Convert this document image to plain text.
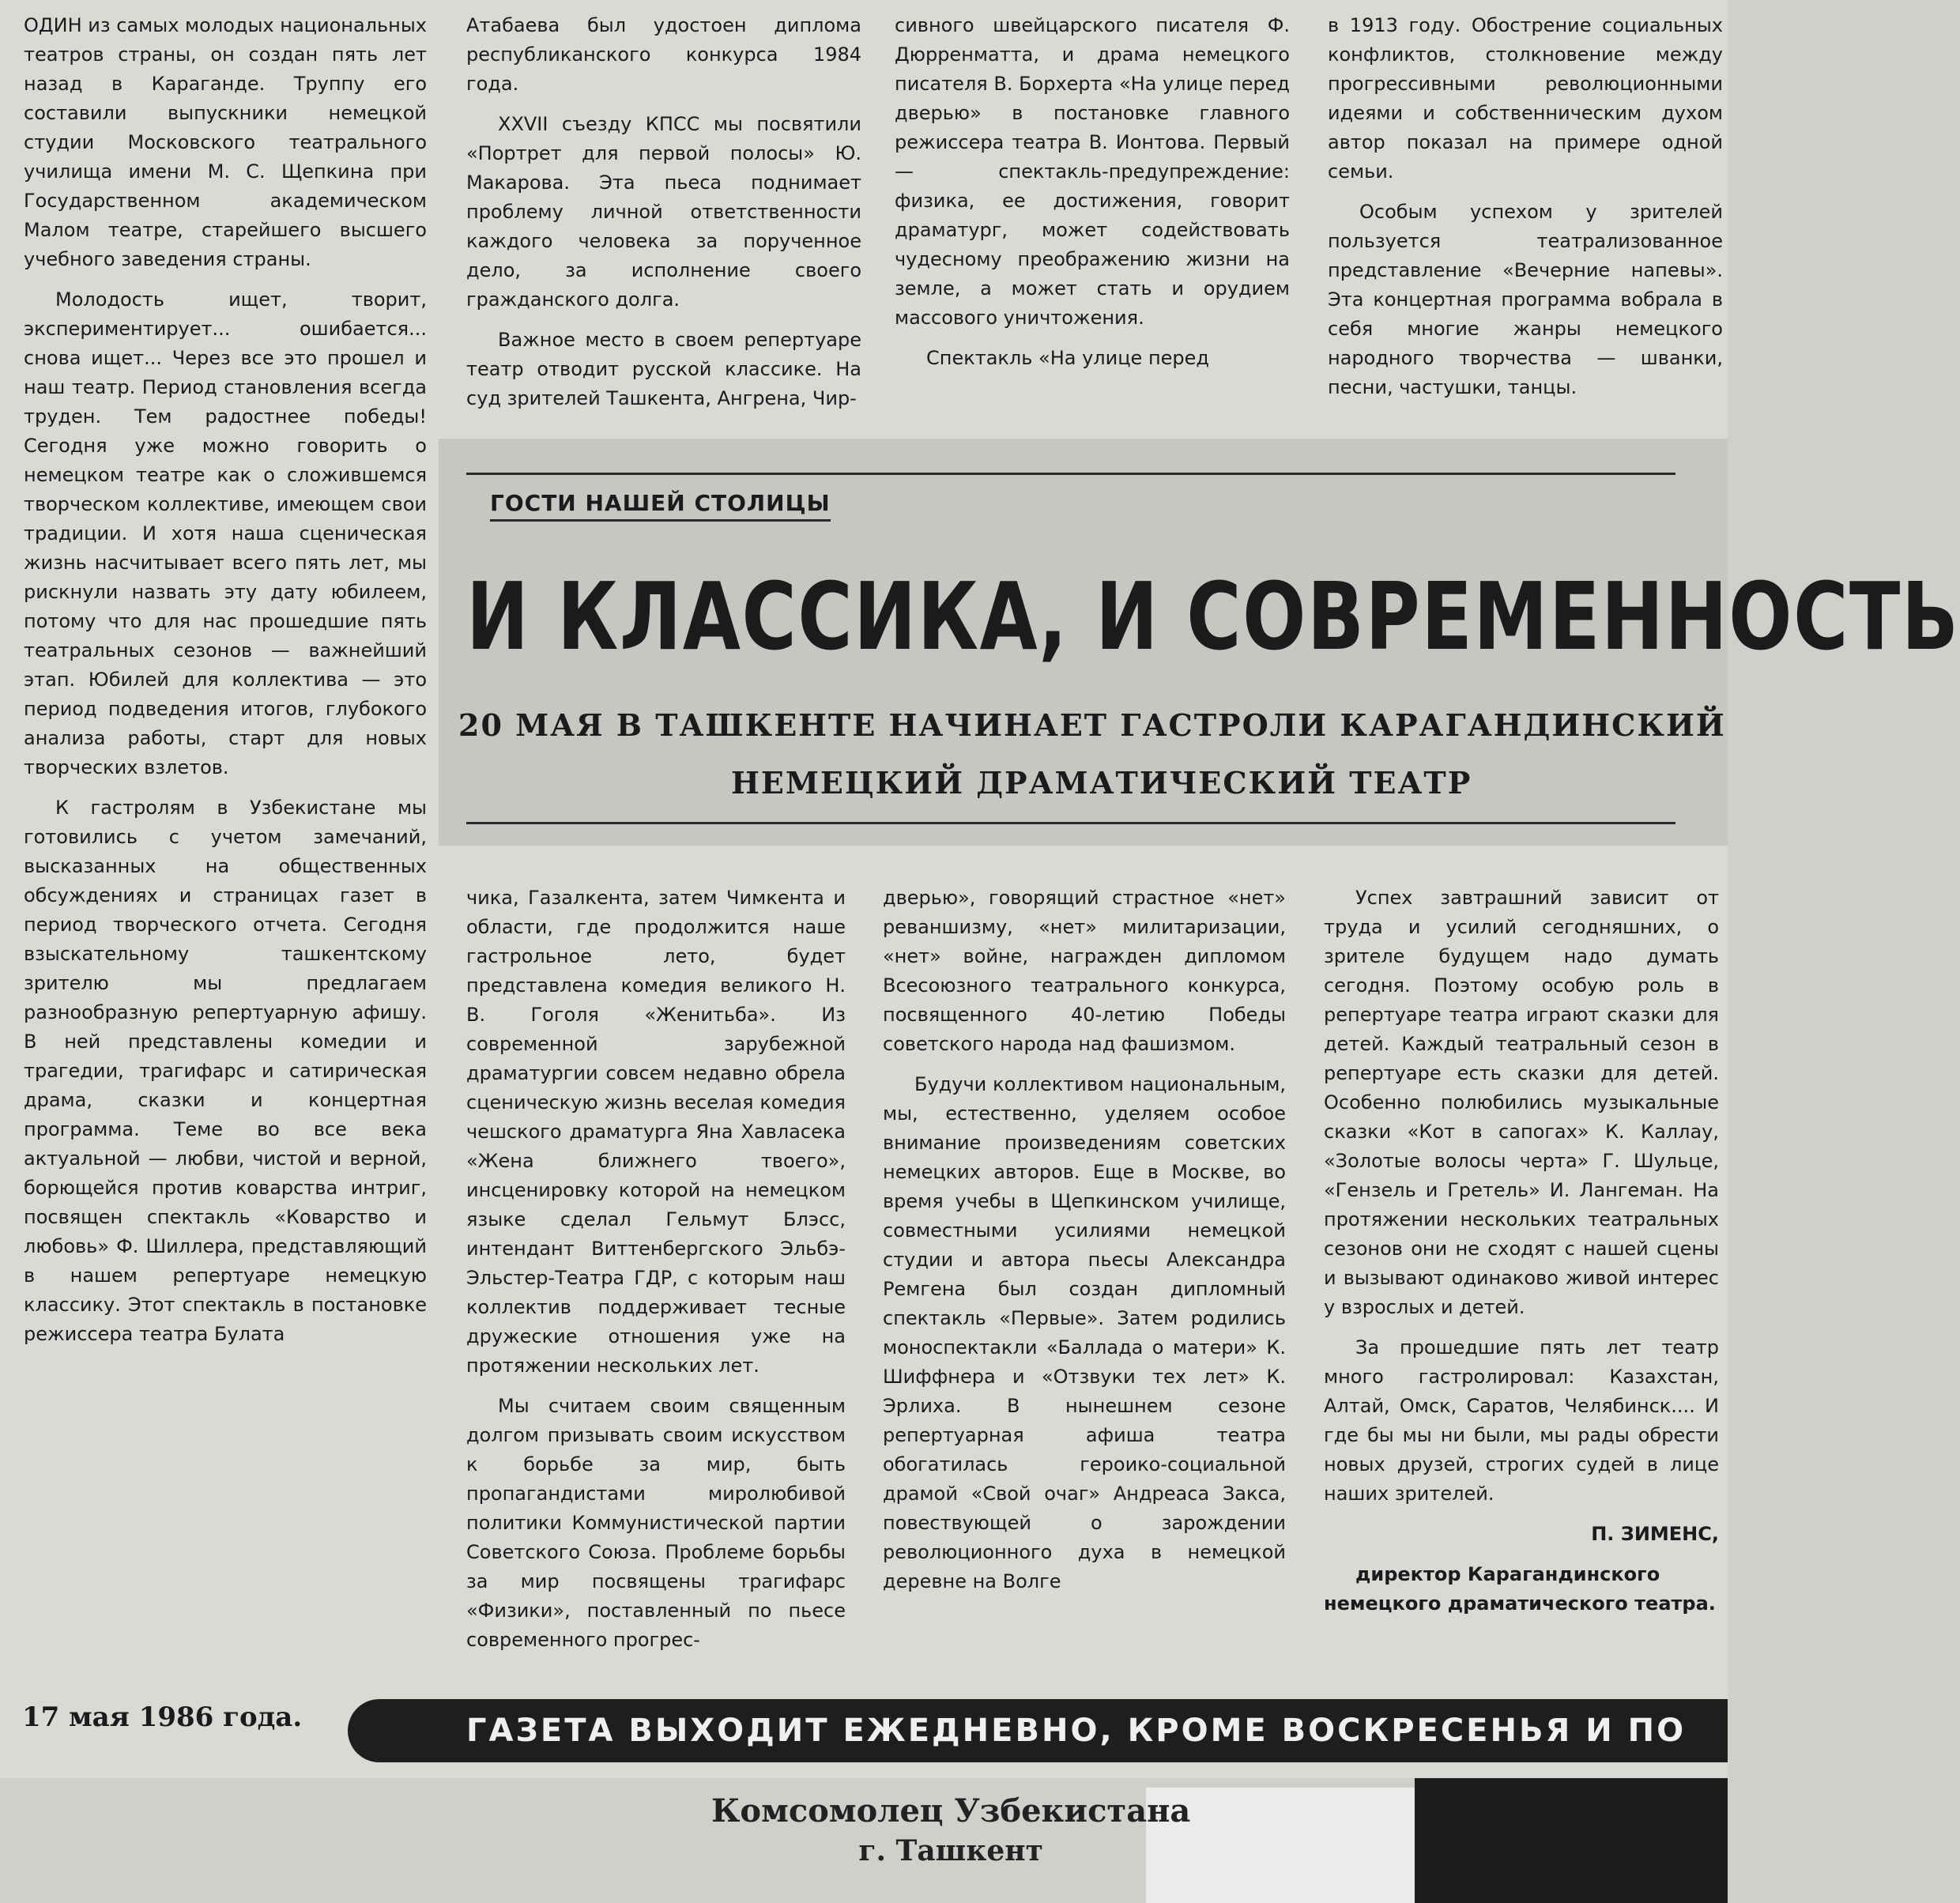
ОДИН из самых молодых национальных театров страны, он создан пять лет назад в Караганде. Труппу его составили выпускники немецкой студии Московского театрального училища имени М. С. Щепкина при Государственном академическом Малом театре, старейшего высшего учебного заведения страны.

Молодость ищет, творит, экспериментирует... ошибается... снова ищет... Через все это прошел и наш театр. Период становления всегда труден. Тем радостнее победы! Сегодня уже можно говорить о немецком театре как о сложившемся творческом коллективе, имеющем свои традиции. И хотя наша сценическая жизнь насчитывает всего пять лет, мы рискнули назвать эту дату юбилеем, потому что для нас прошедшие пять театральных сезонов — важнейший этап. Юбилей для коллектива — это период подведения итогов, глубокого анализа работы, старт для новых творческих взлетов.

К гастролям в Узбекистане мы готовились с учетом замечаний, высказанных на общественных обсуждениях и страницах газет в период творческого отчета. Сегодня взыскательному ташкентскому зрителю мы предлагаем разнообразную репертуарную афишу. В ней представлены комедии и трагедии, трагифарс и сатирическая драма, сказки и концертная программа. Теме во все века актуальной — любви, чистой и верной, борющейся против коварства интриг, посвящен спектакль «Коварство и любовь» Ф. Шиллера, представляющий в нашем репертуаре немецкую классику. Этот спектакль в постановке режиссера театра Булата

Атабаева был удостоен диплома республиканского конкурса 1984 года.

XXVII съезду КПСС мы посвятили «Портрет для первой полосы» Ю. Макарова. Эта пьеса поднимает проблему личной ответственности каждого человека за порученное дело, за исполнение своего гражданского долга.

Важное место в своем репертуаре театр отводит русской классике. На суд зрителей Ташкента, Ангрена, Чир-

сивного швейцарского писателя Ф. Дюрренматта, и драма немецкого писателя В. Борхерта «На улице перед дверью» в постановке главного режиссера театра В. Ионтова. Первый — спектакль-предупреждение: физика, ее достижения, говорит драматург, может содействовать чудесному преображению жизни на земле, а может стать и орудием массового уничтожения.

Спектакль «На улице перед

в 1913 году. Обострение социальных конфликтов, столкновение между прогрессивными революционными идеями и собственническим духом автор показал на примере одной семьи.

Особым успехом у зрителей пользуется театрализованное представление «Вечерние напевы». Эта концертная программа вобрала в себя многие жанры немецкого народного творчества — шванки, песни, частушки, танцы.

ГОСТИ НАШЕЙ СТОЛИЦЫ
И КЛАССИКА, И СОВРЕМЕННОСТЬ
20 МАЯ В ТАШКЕНТЕ НАЧИНАЕТ ГАСТРОЛИ КАРАГАНДИНСКИЙ
НЕМЕЦКИЙ ДРАМАТИЧЕСКИЙ ТЕАТР

чика, Газалкента, затем Чимкента и области, где продолжится наше гастрольное лето, будет представлена комедия великого Н. В. Гоголя «Женитьба». Из современной зарубежной драматургии совсем недавно обрела сценическую жизнь веселая комедия чешского драматурга Яна Хавласека «Жена ближнего твоего», инсценировку которой на немецком языке сделал Гельмут Блэсс, интендант Виттенбергского Эльбэ-Эльстер-Театра ГДР, с которым наш коллектив поддерживает тесные дружеские отношения уже на протяжении нескольких лет.

Мы считаем своим священным долгом призывать своим искусством к борьбе за мир, быть пропагандистами миролюбивой политики Коммунистической партии Советского Союза. Проблеме борьбы за мир посвящены трагифарс «Физики», поставленный по пьесе современного прогрес-

дверью», говорящий страстное «нет» реваншизму, «нет» милитаризации, «нет» войне, награжден дипломом Всесоюзного театрального конкурса, посвященного 40-летию Победы советского народа над фашизмом.

Будучи коллективом национальным, мы, естественно, уделяем особое внимание произведениям советских немецких авторов. Еще в Москве, во время учебы в Щепкинском училище, совместными усилиями немецкой студии и автора пьесы Александра Ремгена был создан дипломный спектакль «Первые». Затем родились моноспектакли «Баллада о матери» К. Шиффнера и «Отзвуки тех лет» К. Эрлиха. В нынешнем сезоне репертуарная афиша театра обогатилась героико-социальной драмой «Свой очаг» Андреаса Закса, повествующей о зарождении революционного духа в немецкой деревне на Волге

Успех завтрашний зависит от труда и усилий сегодняшних, о зрителе будущем надо думать сегодня. Поэтому особую роль в репертуаре театра играют сказки для детей. Каждый театральный сезон в репертуаре есть сказки для детей. Особенно полюбились музыкальные сказки «Кот в сапогах» К. Каллау, «Золотые волосы черта» Г. Шульце, «Гензель и Гретель» И. Лангеман. На протяжении нескольких театральных сезонов они не сходят с нашей сцены и вызывают одинаково живой интерес у взрослых и детей.

За прошедшие пять лет театр много гастролировал: Казахстан, Алтай, Омск, Саратов, Челябинск.... И где бы мы ни были, мы рады обрести новых друзей, строгих судей в лице наших зрителей.

П. ЗИМЕНС,

директор Карагандинского немецкого драматического театра.

17 мая 1986 года.	ГАЗЕТА ВЫХОДИТ ЕЖЕДНЕВНО, КРОМЕ ВОСКРЕСЕНЬЯ И ПО
Комсомолец Узбекистана
г. Ташкент
